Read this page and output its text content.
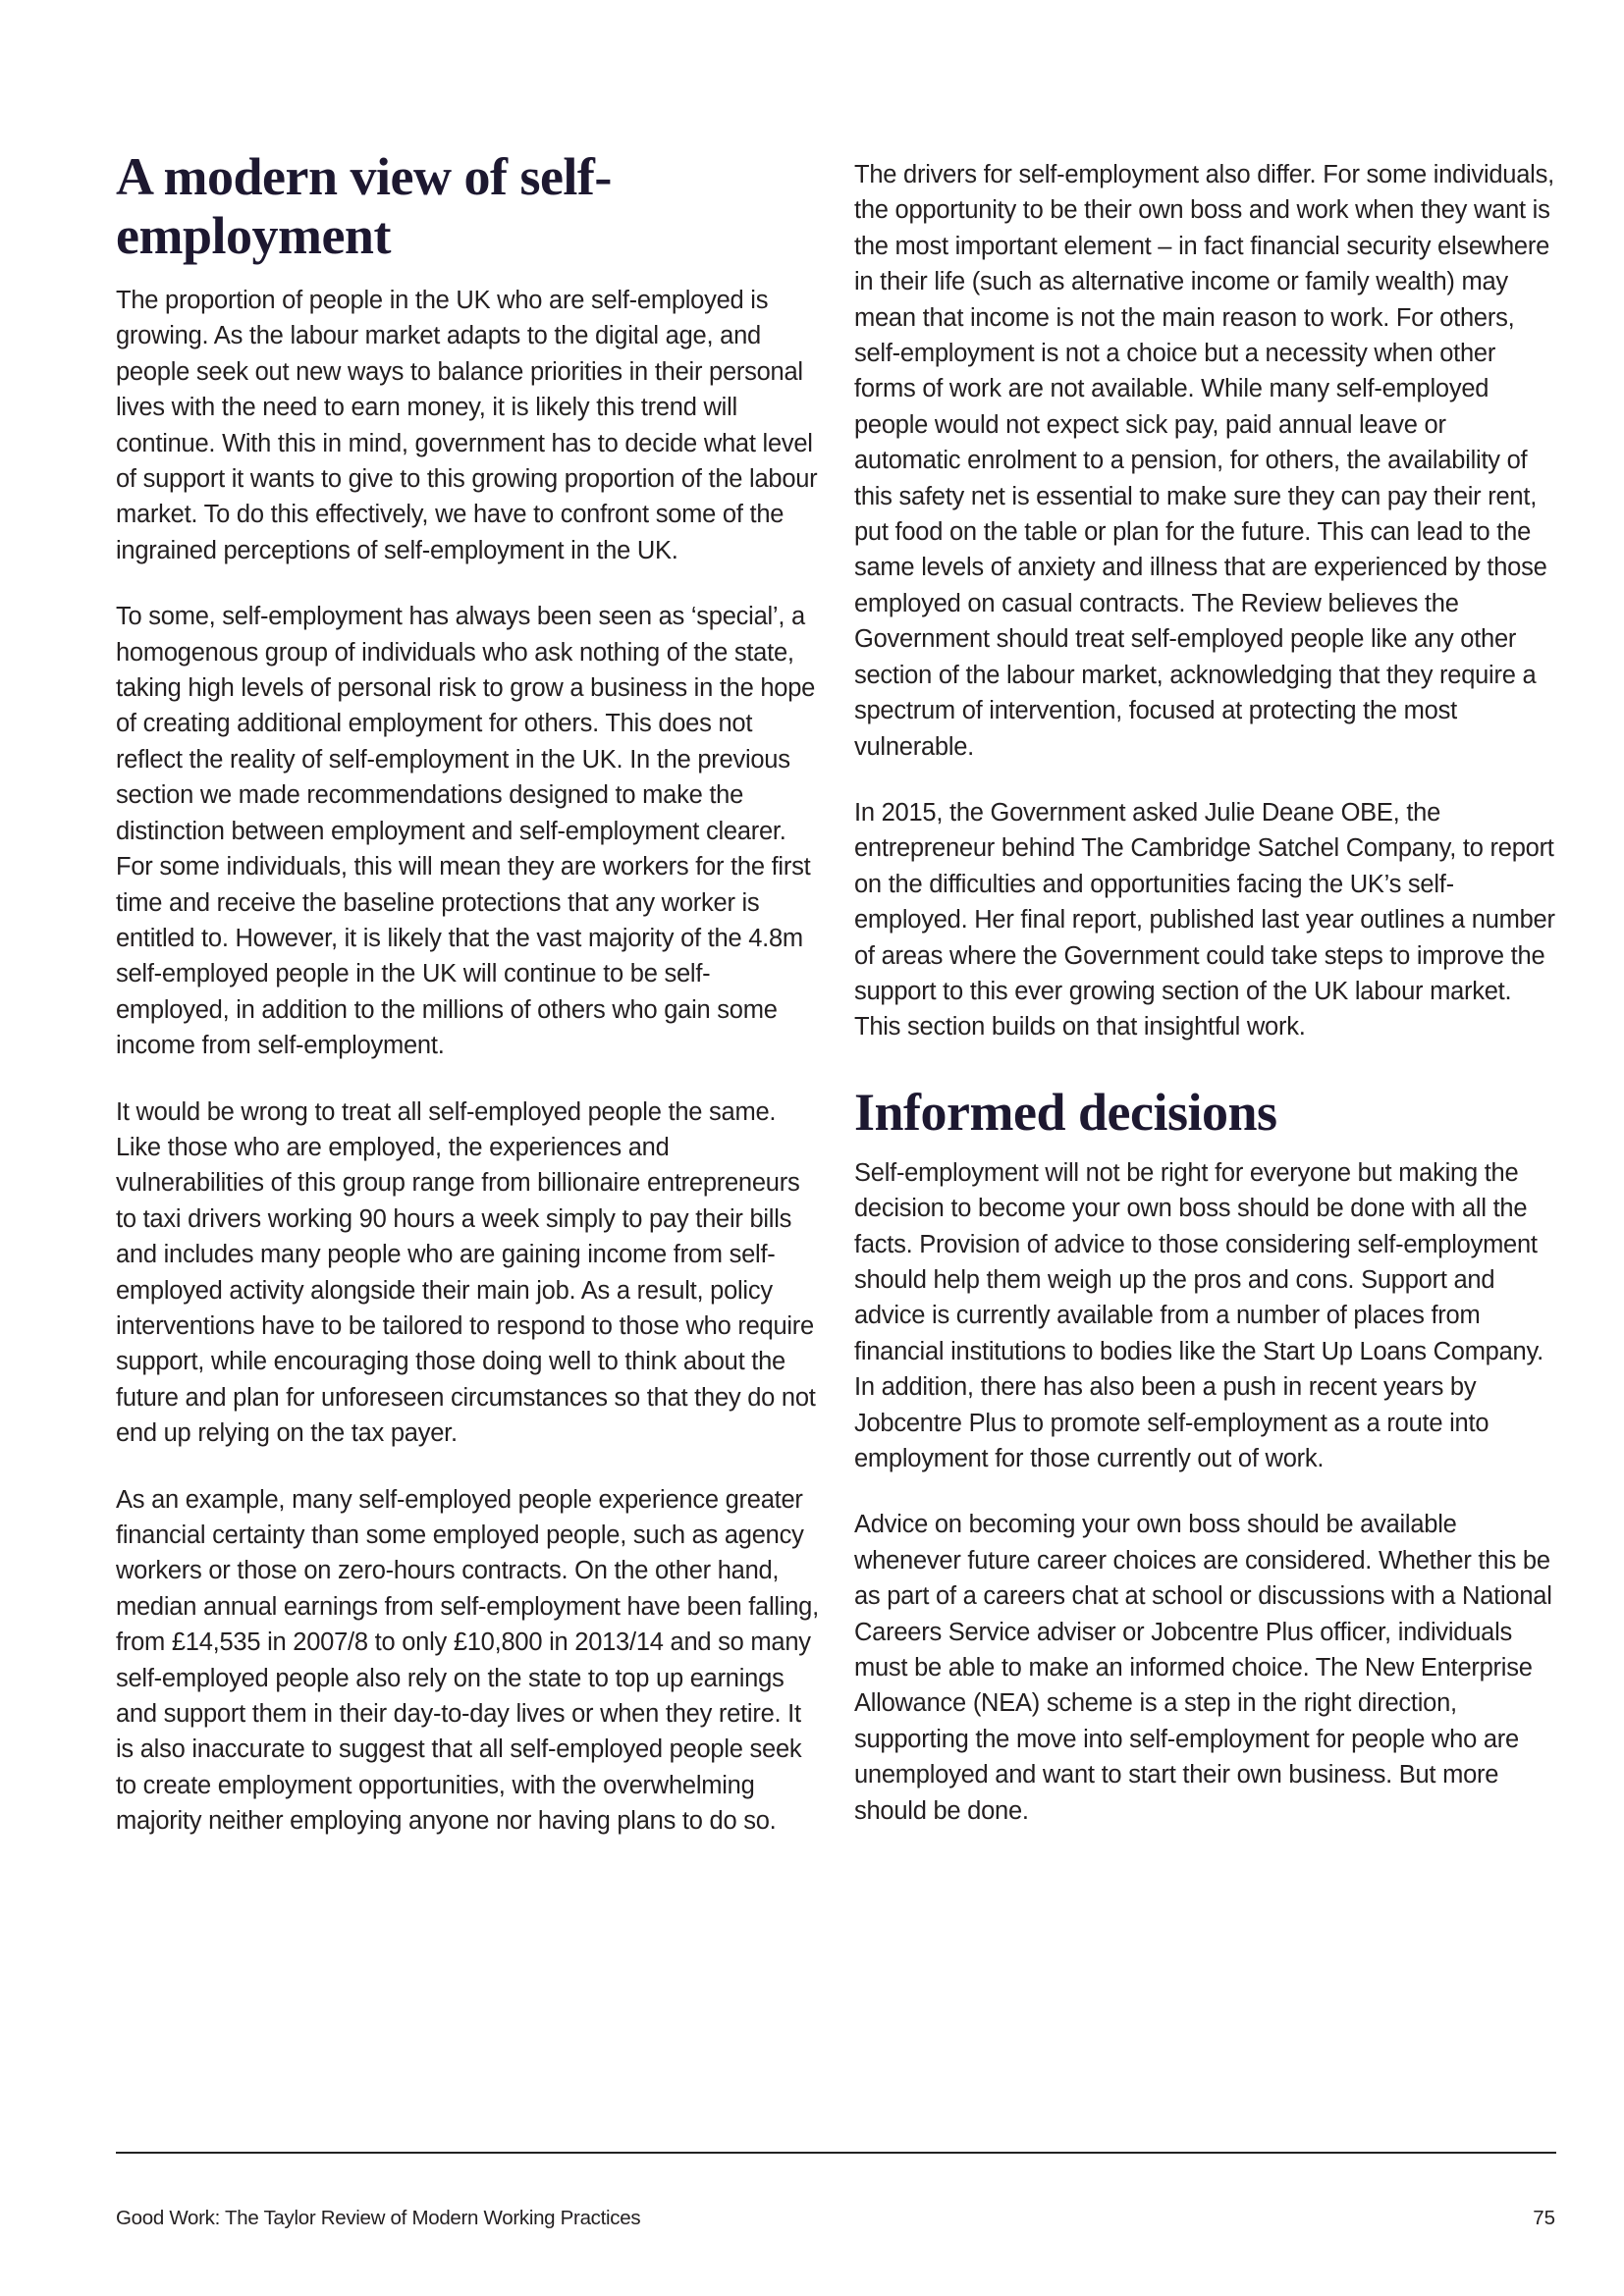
A modern view of self-employment

The proportion of people in the UK who are self-employed is growing. As the labour market adapts to the digital age, and people seek out new ways to balance priorities in their personal lives with the need to earn money, it is likely this trend will continue. With this in mind, government has to decide what level of support it wants to give to this growing proportion of the labour market. To do this effectively, we have to confront some of the ingrained perceptions of self-employment in the UK.

To some, self-employment has always been seen as ‘special’, a homogenous group of individuals who ask nothing of the state, taking high levels of personal risk to grow a business in the hope of creating additional employment for others. This does not reflect the reality of self-employment in the UK. In the previous section we made recommendations designed to make the distinction between employment and self-employment clearer. For some individuals, this will mean they are workers for the first time and receive the baseline protections that any worker is entitled to. However, it is likely that the vast majority of the 4.8m self-employed people in the UK will continue to be self-employed, in addition to the millions of others who gain some income from self-employment.

It would be wrong to treat all self-employed people the same. Like those who are employed, the experiences and vulnerabilities of this group range from billionaire entrepreneurs to taxi drivers working 90 hours a week simply to pay their bills and includes many people who are gaining income from self-employed activity alongside their main job. As a result, policy interventions have to be tailored to respond to those who require support, while encouraging those doing well to think about the future and plan for unforeseen circumstances so that they do not end up relying on the tax payer.

As an example, many self-employed people experience greater financial certainty than some employed people, such as agency workers or those on zero-hours contracts. On the other hand, median annual earnings from self-employment have been falling, from £14,535 in 2007/8 to only £10,800 in 2013/14 and so many self-employed people also rely on the state to top up earnings and support them in their day-to-day lives or when they retire. It is also inaccurate to suggest that all self-employed people seek to create employment opportunities, with the overwhelming majority neither employing anyone nor having plans to do so.

The drivers for self-employment also differ. For some individuals, the opportunity to be their own boss and work when they want is the most important element – in fact financial security elsewhere in their life (such as alternative income or family wealth) may mean that income is not the main reason to work. For others, self-employment is not a choice but a necessity when other forms of work are not available. While many self-employed people would not expect sick pay, paid annual leave or automatic enrolment to a pension, for others, the availability of this safety net is essential to make sure they can pay their rent, put food on the table or plan for the future. This can lead to the same levels of anxiety and illness that are experienced by those employed on casual contracts. The Review believes the Government should treat self-employed people like any other section of the labour market, acknowledging that they require a spectrum of intervention, focused at protecting the most vulnerable.

In 2015, the Government asked Julie Deane OBE, the entrepreneur behind The Cambridge Satchel Company, to report on the difficulties and opportunities facing the UK’s self-employed. Her final report, published last year outlines a number of areas where the Government could take steps to improve the support to this ever growing section of the UK labour market. This section builds on that insightful work.

Informed decisions

Self-employment will not be right for everyone but making the decision to become your own boss should be done with all the facts. Provision of advice to those considering self-employment should help them weigh up the pros and cons. Support and advice is currently available from a number of places from financial institutions to bodies like the Start Up Loans Company. In addition, there has also been a push in recent years by Jobcentre Plus to promote self-employment as a route into employment for those currently out of work.

Advice on becoming your own boss should be available whenever future career choices are considered. Whether this be as part of a careers chat at school or discussions with a National Careers Service adviser or Jobcentre Plus officer, individuals must be able to make an informed choice. The New Enterprise Allowance (NEA) scheme is a step in the right direction, supporting the move into self-employment for people who are unemployed and want to start their own business. But more should be done.

Good Work: The Taylor Review of Modern Working Practices	75
